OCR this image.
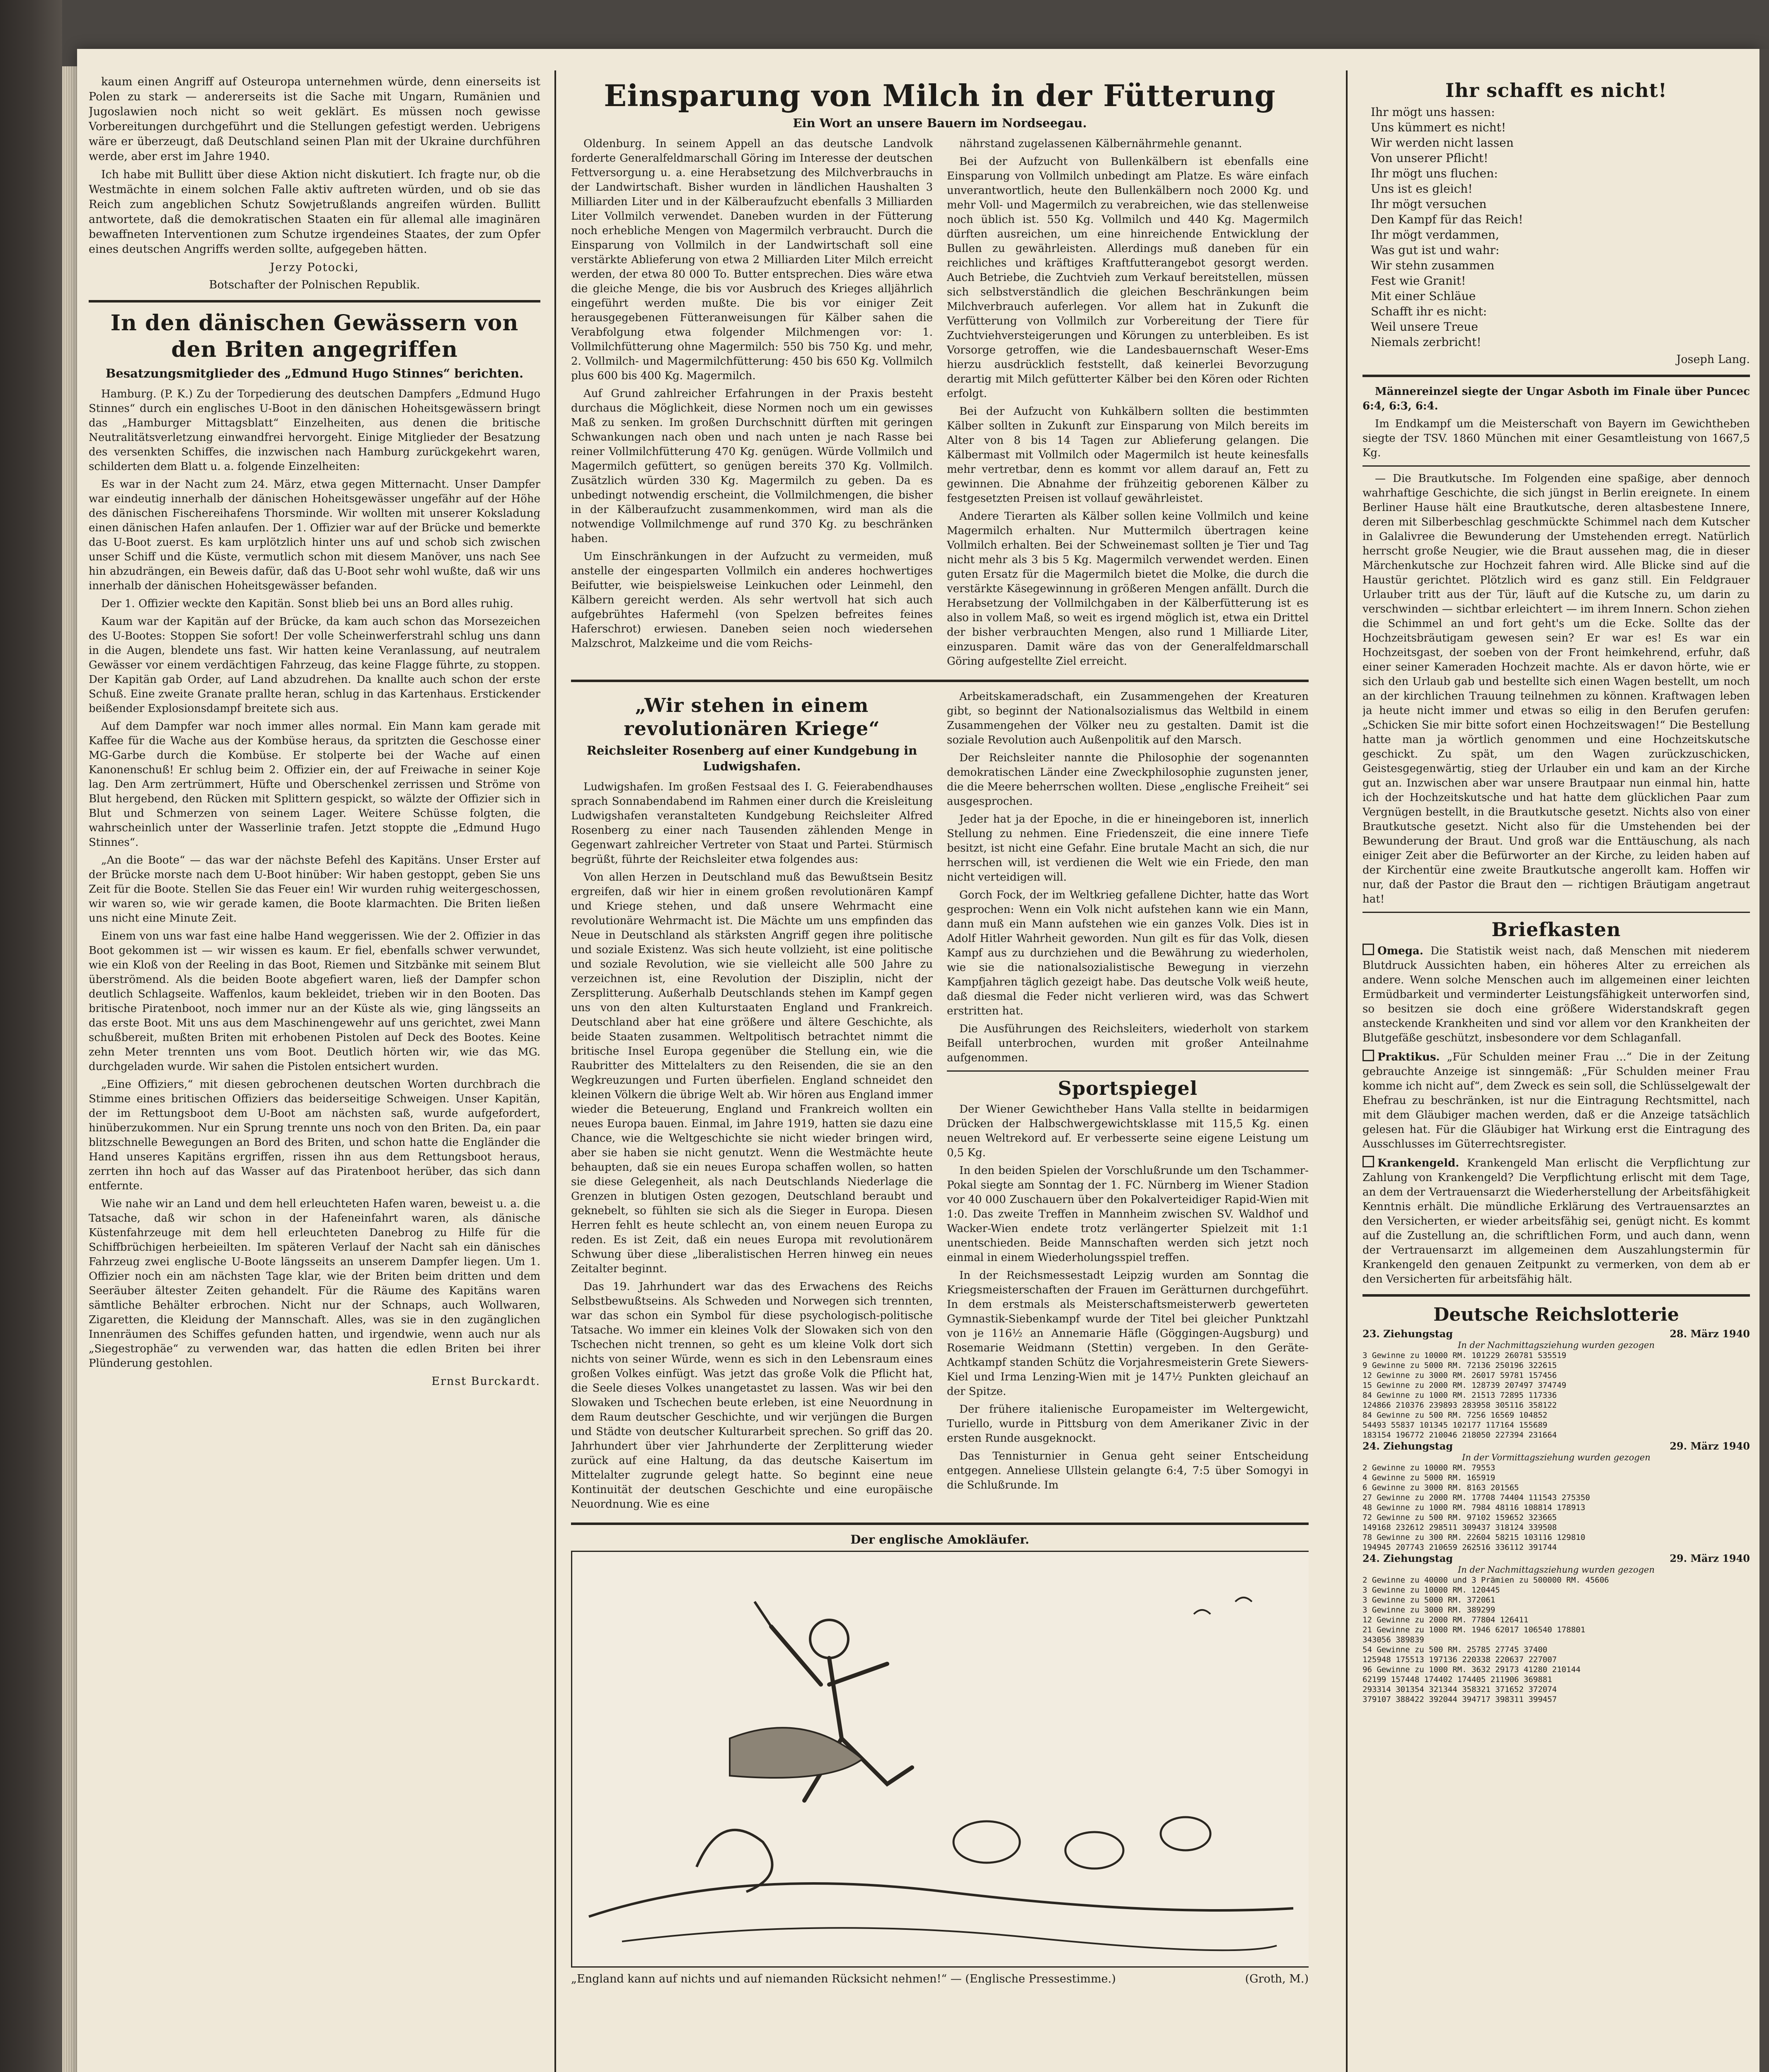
kaum einen Angriff auf Osteuropa unternehmen würde, denn einerseits ist Polen zu stark — andererseits ist die Sache mit Ungarn, Rumänien und Jugoslawien noch nicht so weit geklärt. Es müssen noch gewisse Vorbereitungen durchgeführt und die Stellungen gefestigt werden. Uebrigens wäre er überzeugt, daß Deutschland seinen Plan mit der Ukraine durchführen werde, aber erst im Jahre 1940.

Ich habe mit Bullitt über diese Aktion nicht diskutiert. Ich fragte nur, ob die Westmächte in einem solchen Falle aktiv auftreten würden, und ob sie das Reich zum angeblichen Schutz Sowjetrußlands angreifen würden. Bullitt antwortete, daß die demokratischen Staaten ein für allemal alle imaginären bewaffneten Interventionen zum Schutze irgendeines Staates, der zum Opfer eines deutschen Angriffs werden sollte, aufgegeben hätten.

Jerzy Potocki,
Botschafter der Polnischen Republik.
In den dänischen Gewässern von den Briten angegriffen
Besatzungsmitglieder des „Edmund Hugo Stinnes“ berichten.

Hamburg. (P. K.) Zu der Torpedierung des deutschen Dampfers „Edmund Hugo Stinnes“ durch ein englisches U-Boot in den dänischen Hoheitsgewässern bringt das „Hamburger Mittagsblatt“ Einzelheiten, aus denen die britische Neutralitätsverletzung einwandfrei hervorgeht. Einige Mitglieder der Besatzung des versenkten Schiffes, die inzwischen nach Hamburg zurückgekehrt waren, schilderten dem Blatt u. a. folgende Einzelheiten:

Es war in der Nacht zum 24. März, etwa gegen Mitternacht. Unser Dampfer war eindeutig innerhalb der dänischen Hoheitsgewässer ungefähr auf der Höhe des dänischen Fischereihafens Thorsminde. Wir wollten mit unserer Koksladung einen dänischen Hafen anlaufen. Der 1. Offizier war auf der Brücke und bemerkte das U-Boot zuerst. Es kam urplötzlich hinter uns auf und schob sich zwischen unser Schiff und die Küste, vermutlich schon mit diesem Manöver, uns nach See hin abzudrängen, ein Beweis dafür, daß das U-Boot sehr wohl wußte, daß wir uns innerhalb der dänischen Hoheitsgewässer befanden.

Der 1. Offizier weckte den Kapitän. Sonst blieb bei uns an Bord alles ruhig.

Kaum war der Kapitän auf der Brücke, da kam auch schon das Morsezeichen des U-Bootes: Stoppen Sie sofort! Der volle Scheinwerferstrahl schlug uns dann in die Augen, blendete uns fast. Wir hatten keine Veranlassung, auf neutralem Gewässer vor einem verdächtigen Fahrzeug, das keine Flagge führte, zu stoppen. Der Kapitän gab Order, auf Land abzudrehen. Da knallte auch schon der erste Schuß. Eine zweite Granate prallte heran, schlug in das Kartenhaus. Erstickender beißender Explosionsdampf breitete sich aus.

Auf dem Dampfer war noch immer alles normal. Ein Mann kam gerade mit Kaffee für die Wache aus der Kombüse heraus, da spritzten die Geschosse einer MG-Garbe durch die Kombüse. Er stolperte bei der Wache auf einen Kanonenschuß! Er schlug beim 2. Offizier ein, der auf Freiwache in seiner Koje lag. Den Arm zertrümmert, Hüfte und Oberschenkel zerrissen und Ströme von Blut hergebend, den Rücken mit Splittern gespickt, so wälzte der Offizier sich in Blut und Schmerzen von seinem Lager. Weitere Schüsse folgten, die wahrscheinlich unter der Wasserlinie trafen. Jetzt stoppte die „Edmund Hugo Stinnes“.

„An die Boote“ — das war der nächste Befehl des Kapitäns. Unser Erster auf der Brücke morste nach dem U-Boot hinüber: Wir haben gestoppt, geben Sie uns Zeit für die Boote. Stellen Sie das Feuer ein! Wir wurden ruhig weitergeschossen, wir waren so, wie wir gerade kamen, die Boote klarmachten. Die Briten ließen uns nicht eine Minute Zeit.

Einem von uns war fast eine halbe Hand weggerissen. Wie der 2. Offizier in das Boot gekommen ist — wir wissen es kaum. Er fiel, ebenfalls schwer verwundet, wie ein Kloß von der Reeling in das Boot, Riemen und Sitzbänke mit seinem Blut überströmend. Als die beiden Boote abgefiert waren, ließ der Dampfer schon deutlich Schlagseite. Waffenlos, kaum bekleidet, trieben wir in den Booten. Das britische Piratenboot, noch immer nur an der Küste als wie, ging längsseits an das erste Boot. Mit uns aus dem Maschinengewehr auf uns gerichtet, zwei Mann schußbereit, mußten Briten mit erhobenen Pistolen auf Deck des Bootes. Keine zehn Meter trennten uns vom Boot. Deutlich hörten wir, wie das MG. durchgeladen wurde. Wir sahen die Pistolen entsichert wurden.

„Eine Offiziers,“ mit diesen gebrochenen deutschen Worten durchbrach die Stimme eines britischen Offiziers das beiderseitige Schweigen. Unser Kapitän, der im Rettungsboot dem U-Boot am nächsten saß, wurde aufgefordert, hinüberzukommen. Nur ein Sprung trennte uns noch von den Briten. Da, ein paar blitzschnelle Bewegungen an Bord des Briten, und schon hatte die Engländer die Hand unseres Kapitäns ergriffen, rissen ihn aus dem Rettungsboot heraus, zerrten ihn hoch auf das Wasser auf das Piratenboot herüber, das sich dann entfernte.

Wie nahe wir an Land und dem hell erleuchteten Hafen waren, beweist u. a. die Tatsache, daß wir schon in der Hafeneinfahrt waren, als dänische Küstenfahrzeuge mit dem hell erleuchteten Danebrog zu Hilfe für die Schiffbrüchigen herbeieilten. Im späteren Verlauf der Nacht sah ein dänisches Fahrzeug zwei englische U-Boote längsseits an unserem Dampfer liegen. Um 1. Offizier noch ein am nächsten Tage klar, wie der Briten beim dritten und dem Seeräuber ältester Zeiten gehandelt. Für die Räume des Kapitäns waren sämtliche Behälter erbrochen. Nicht nur der Schnaps, auch Wollwaren, Zigaretten, die Kleidung der Mannschaft. Alles, was sie in den zugänglichen Innenräumen des Schiffes gefunden hatten, und irgendwie, wenn auch nur als „Siegestrophäe“ zu verwenden war, das hatten die edlen Briten bei ihrer Plünderung gestohlen.

Ernst Burckardt.
Einsparung von Milch in der Fütterung
Ein Wort an unsere Bauern im Nordseegau.

Oldenburg. In seinem Appell an das deutsche Landvolk forderte Generalfeldmarschall Göring im Interesse der deutschen Fettversorgung u. a. eine Herabsetzung des Milchverbrauchs in der Landwirtschaft. Bisher wurden in ländlichen Haushalten 3 Milliarden Liter und in der Kälberaufzucht ebenfalls 3 Milliarden Liter Vollmilch verwendet. Daneben wurden in der Fütterung noch erhebliche Mengen von Magermilch verbraucht. Durch die Einsparung von Vollmilch in der Landwirtschaft soll eine verstärkte Ablieferung von etwa 2 Milliarden Liter Milch erreicht werden, der etwa 80 000 To. Butter entsprechen. Dies wäre etwa die gleiche Menge, die bis vor Ausbruch des Krieges alljährlich eingeführt werden mußte. Die bis vor einiger Zeit herausgegebenen Fütteranweisungen für Kälber sahen die Verabfolgung etwa folgender Milchmengen vor: 1. Vollmilchfütterung ohne Magermilch: 550 bis 750 Kg. und mehr, 2. Vollmilch- und Magermilchfütterung: 450 bis 650 Kg. Vollmilch plus 600 bis 400 Kg. Magermilch.

Auf Grund zahlreicher Erfahrungen in der Praxis besteht durchaus die Möglichkeit, diese Normen noch um ein gewisses Maß zu senken. Im großen Durchschnitt dürften mit geringen Schwankungen nach oben und nach unten je nach Rasse bei reiner Vollmilchfütterung 470 Kg. genügen. Würde Vollmilch und Magermilch gefüttert, so genügen bereits 370 Kg. Vollmilch. Zusätzlich würden 330 Kg. Magermilch zu geben. Da es unbedingt notwendig erscheint, die Vollmilchmengen, die bisher in der Kälberaufzucht zusammenkommen, wird man als die notwendige Vollmilchmenge auf rund 370 Kg. zu beschränken haben.

Um Einschränkungen in der Aufzucht zu vermeiden, muß anstelle der eingesparten Vollmilch ein anderes hochwertiges Beifutter, wie beispielsweise Leinkuchen oder Leinmehl, den Kälbern gereicht werden. Als sehr wertvoll hat sich auch aufgebrühtes Hafermehl (von Spelzen befreites feines Haferschrot) erwiesen. Daneben seien noch wiedersehen Malzschrot, Malzkeime und die vom Reichs-

nährstand zugelassenen Kälbernährmehle genannt.

Bei der Aufzucht von Bullenkälbern ist ebenfalls eine Einsparung von Vollmilch unbedingt am Platze. Es wäre einfach unverantwortlich, heute den Bullenkälbern noch 2000 Kg. und mehr Voll- und Magermilch zu verabreichen, wie das stellenweise noch üblich ist. 550 Kg. Vollmilch und 440 Kg. Magermilch dürften ausreichen, um eine hinreichende Entwicklung der Bullen zu gewährleisten. Allerdings muß daneben für ein reichliches und kräftiges Kraftfutterangebot gesorgt werden. Auch Betriebe, die Zuchtvieh zum Verkauf bereitstellen, müssen sich selbstverständlich die gleichen Beschränkungen beim Milchverbrauch auferlegen. Vor allem hat in Zukunft die Verfütterung von Vollmilch zur Vorbereitung der Tiere für Zuchtviehversteigerungen und Körungen zu unterbleiben. Es ist Vorsorge getroffen, wie die Landesbauernschaft Weser-Ems hierzu ausdrücklich feststellt, daß keinerlei Bevorzugung derartig mit Milch gefütterter Kälber bei den Kören oder Richten erfolgt.

Bei der Aufzucht von Kuhkälbern sollten die bestimmten Kälber sollten in Zukunft zur Einsparung von Milch bereits im Alter von 8 bis 14 Tagen zur Ablieferung gelangen. Die Kälbermast mit Vollmilch oder Magermilch ist heute keinesfalls mehr vertretbar, denn es kommt vor allem darauf an, Fett zu gewinnen. Die Abnahme der frühzeitig geborenen Kälber zu festgesetzten Preisen ist vollauf gewährleistet.

Andere Tierarten als Kälber sollen keine Vollmilch und keine Magermilch erhalten. Nur Muttermilch übertragen keine Vollmilch erhalten. Bei der Schweinemast sollten je Tier und Tag nicht mehr als 3 bis 5 Kg. Magermilch verwendet werden. Einen guten Ersatz für die Magermilch bietet die Molke, die durch die verstärkte Käsegewinnung in größeren Mengen anfällt. Durch die Herabsetzung der Vollmilchgaben in der Kälberfütterung ist es also in vollem Maß, so weit es irgend möglich ist, etwa ein Drittel der bisher verbrauchten Mengen, also rund 1 Milliarde Liter, einzusparen. Damit wäre das von der Generalfeldmarschall Göring aufgestellte Ziel erreicht.

„Wir stehen in einem revolutionären Kriege“
Reichsleiter Rosenberg auf einer Kundgebung in Ludwigshafen.

Ludwigshafen. Im großen Festsaal des I. G. Feierabendhauses sprach Sonnabendabend im Rahmen einer durch die Kreisleitung Ludwigshafen veranstalteten Kundgebung Reichsleiter Alfred Rosenberg zu einer nach Tausenden zählenden Menge in Gegenwart zahlreicher Vertreter von Staat und Partei. Stürmisch begrüßt, führte der Reichsleiter etwa folgendes aus:

Von allen Herzen in Deutschland muß das Bewußtsein Besitz ergreifen, daß wir hier in einem großen revolutionären Kampf und Kriege stehen, und daß unsere Wehrmacht eine revolutionäre Wehrmacht ist. Die Mächte um uns empfinden das Neue in Deutschland als stärksten Angriff gegen ihre politische und soziale Existenz. Was sich heute vollzieht, ist eine politische und soziale Revolution, wie sie vielleicht alle 500 Jahre zu verzeichnen ist, eine Revolution der Disziplin, nicht der Zersplitterung. Außerhalb Deutschlands stehen im Kampf gegen uns von den alten Kulturstaaten England und Frankreich. Deutschland aber hat eine größere und ältere Geschichte, als beide Staaten zusammen. Weltpolitisch betrachtet nimmt die britische Insel Europa gegenüber die Stellung ein, wie die Raubritter des Mittelalters zu den Reisenden, die sie an den Wegkreuzungen und Furten überfielen. England schneidet den kleinen Völkern die übrige Welt ab. Wir hören aus England immer wieder die Beteuerung, England und Frankreich wollten ein neues Europa bauen. Einmal, im Jahre 1919, hatten sie dazu eine Chance, wie die Weltgeschichte sie nicht wieder bringen wird, aber sie haben sie nicht genutzt. Wenn die Westmächte heute behaupten, daß sie ein neues Europa schaffen wollen, so hatten sie diese Gelegenheit, als nach Deutschlands Niederlage die Grenzen in blutigen Osten gezogen, Deutschland beraubt und geknebelt, so fühlten sie sich als die Sieger in Europa. Diesen Herren fehlt es heute schlecht an, von einem neuen Europa zu reden. Es ist Zeit, daß ein neues Europa mit revolutionärem Schwung über diese „liberalistischen Herren hinweg ein neues Zeitalter beginnt.

Das 19. Jahrhundert war das des Erwachens des Reichs Selbstbewußtseins. Als Schweden und Norwegen sich trennten, war das schon ein Symbol für diese psychologisch-politische Tatsache. Wo immer ein kleines Volk der Slowaken sich von den Tschechen nicht trennen, so geht es um kleine Volk dort sich nichts von seiner Würde, wenn es sich in den Lebensraum eines großen Volkes einfügt. Was jetzt das große Volk die Pflicht hat, die Seele dieses Volkes unangetastet zu lassen. Was wir bei den Slowaken und Tschechen beute erleben, ist eine Neuordnung in dem Raum deutscher Geschichte, und wir verjüngen die Burgen und Städte von deutscher Kulturarbeit sprechen. So griff das 20. Jahrhundert über vier Jahrhunderte der Zerplitterung wieder zurück auf eine Haltung, da das deutsche Kaisertum im Mittelalter zugrunde gelegt hatte. So beginnt eine neue Kontinuität der deutschen Geschichte und eine europäische Neuordnung. Wie es eine

Arbeitskameradschaft, ein Zusammengehen der Kreaturen gibt, so beginnt der Nationalsozialismus das Weltbild in einem Zusammengehen der Völker neu zu gestalten. Damit ist die soziale Revolution auch Außenpolitik auf den Marsch.

Der Reichsleiter nannte die Philosophie der sogenannten demokratischen Länder eine Zweckphilosophie zugunsten jener, die die Meere beherrschen wollten. Diese „englische Freiheit“ sei ausgesprochen.

Jeder hat ja der Epoche, in die er hineingeboren ist, innerlich Stellung zu nehmen. Eine Friedenszeit, die eine innere Tiefe besitzt, ist nicht eine Gefahr. Eine brutale Macht an sich, die nur herrschen will, ist verdienen die Welt wie ein Friede, den man nicht verteidigen will.

Gorch Fock, der im Weltkrieg gefallene Dichter, hatte das Wort gesprochen: Wenn ein Volk nicht aufstehen kann wie ein Mann, dann muß ein Mann aufstehen wie ein ganzes Volk. Dies ist in Adolf Hitler Wahrheit geworden. Nun gilt es für das Volk, diesen Kampf aus zu durchziehen und die Bewährung zu wiederholen, wie sie die nationalsozialistische Bewegung in vierzehn Kampfjahren täglich gezeigt habe. Das deutsche Volk weiß heute, daß diesmal die Feder nicht verlieren wird, was das Schwert erstritten hat.

Die Ausführungen des Reichsleiters, wiederholt von starkem Beifall unterbrochen, wurden mit großer Anteilnahme aufgenommen.

Sportspiegel

Der Wiener Gewichtheber Hans Valla stellte in beidarmigen Drücken der Halbschwergewichtsklasse mit 115,5 Kg. einen neuen Weltrekord auf. Er verbesserte seine eigene Leistung um 0,5 Kg.

In den beiden Spielen der Vorschlußrunde um den Tschammer-Pokal siegte am Sonntag der 1. FC. Nürnberg im Wiener Stadion vor 40 000 Zuschauern über den Pokalverteidiger Rapid-Wien mit 1:0. Das zweite Treffen in Mannheim zwischen SV. Waldhof und Wacker-Wien endete trotz verlängerter Spielzeit mit 1:1 unentschieden. Beide Mannschaften werden sich jetzt noch einmal in einem Wiederholungsspiel treffen.

In der Reichsmessestadt Leipzig wurden am Sonntag die Kriegsmeisterschaften der Frauen im Gerätturnen durchgeführt. In dem erstmals als Meisterschaftsmeisterwerb gewerteten Gymnastik-Siebenkampf wurde der Titel bei gleicher Punktzahl von je 116½ an Annemarie Häfle (Göggingen-Augsburg) und Rosemarie Weidmann (Stettin) vergeben. In den Geräte-Achtkampf standen Schütz die Vorjahresmeisterin Grete Siewers-Kiel und Irma Lenzing-Wien mit je 147½ Punkten gleichauf an der Spitze.

Der frühere italienische Europameister im Weltergewicht, Turiello, wurde in Pittsburg von dem Amerikaner Zivic in der ersten Runde ausgeknockt.

Das Tennisturnier in Genua geht seiner Entscheidung entgegen. Anneliese Ullstein gelangte 6:4, 7:5 über Somogyi in die Schlußrunde. Im

Der englische Amokläufer.
„England kann auf nichts und auf niemanden Rücksicht nehmen!“ — (Englische Pressestimme.)	(Groth, M.)
Ihr schafft es nicht!
Ihr mögt uns hassen:
Uns kümmert es nicht!
Wir werden nicht lassen
Von unserer Pflicht!
Ihr mögt uns fluchen:
Uns ist es gleich!
Ihr mögt versuchen
Den Kampf für das Reich!
Ihr mögt verdammen,
Was gut ist und wahr:
Wir stehn zusammen
Fest wie Granit!
Mit einer Schläue
Schafft ihr es nicht:
Weil unsere Treue
Niemals zerbricht!
Joseph Lang.

Männereinzel siegte der Ungar Asboth im Finale über Puncec 6:4, 6:3, 6:4.

Im Endkampf um die Meisterschaft von Bayern im Gewichtheben siegte der TSV. 1860 München mit einer Gesamtleistung von 1667,5 Kg.

— Die Brautkutsche. Im Folgenden eine spaßige, aber dennoch wahrhaftige Geschichte, die sich jüngst in Berlin ereignete. In einem Berliner Hause hält eine Brautkutsche, deren altasbestene Innere, deren mit Silberbeschlag geschmückte Schimmel nach dem Kutscher in Galalivree die Bewunderung der Umstehenden erregt. Natürlich herrscht große Neugier, wie die Braut aussehen mag, die in dieser Märchenkutsche zur Hochzeit fahren wird. Alle Blicke sind auf die Haustür gerichtet. Plötzlich wird es ganz still. Ein Feldgrauer Urlauber tritt aus der Tür, läuft auf die Kutsche zu, um darin zu verschwinden — sichtbar erleichtert — im ihrem Innern. Schon ziehen die Schimmel an und fort geht's um die Ecke. Sollte das der Hochzeitsbräutigam gewesen sein? Er war es! Es war ein Hochzeitsgast, der soeben von der Front heimkehrend, erfuhr, daß einer seiner Kameraden Hochzeit machte. Als er davon hörte, wie er sich den Urlaub gab und bestellte sich einen Wagen bestellt, um noch an der kirchlichen Trauung teilnehmen zu können. Kraftwagen leben ja heute nicht immer und etwas so eilig in den Berufen gerufen: „Schicken Sie mir bitte sofort einen Hochzeitswagen!“ Die Bestellung hatte man ja wörtlich genommen und eine Hochzeitskutsche geschickt. Zu spät, um den Wagen zurückzuschicken, Geistesgegenwärtig, stieg der Urlauber ein und kam an der Kirche gut an. Inzwischen aber war unsere Brautpaar nun einmal hin, hatte ich der Hochzeitskutsche und hat hatte dem glücklichen Paar zum Vergnügen bestellt, in die Brautkutsche gesetzt. Nichts also von einer Brautkutsche gesetzt. Nicht also für die Umstehenden bei der Bewunderung der Braut. Und groß war die Enttäuschung, als nach einiger Zeit aber die Befürworter an der Kirche, zu leiden haben auf der Kirchentür eine zweite Brautkutsche angerollt kam. Hoffen wir nur, daß der Pastor die Braut den — richtigen Bräutigam angetraut hat!

Briefkasten
Omega. Die Statistik weist nach, daß Menschen mit niederem Blutdruck Aussichten haben, ein höheres Alter zu erreichen als andere. Wenn solche Menschen auch im allgemeinen einer leichten Ermüdbarkeit und verminderter Leistungsfähigkeit unterworfen sind, so besitzen sie doch eine größere Widerstandskraft gegen ansteckende Krankheiten und sind vor allem vor den Krankheiten der Blutgefäße geschützt, insbesondere vor dem Schlaganfall.
Praktikus. „Für Schulden meiner Frau ...“ Die in der Zeitung gebrauchte Anzeige ist sinngemäß: „Für Schulden meiner Frau komme ich nicht auf“, dem Zweck es sein soll, die Schlüsselgewalt der Ehefrau zu beschränken, ist nur die Eintragung Rechtsmittel, nach mit dem Gläubiger machen werden, daß er die Anzeige tatsächlich gelesen hat. Für die Gläubiger hat Wirkung erst die Eintragung des Ausschlusses im Güterrechtsregister.
Krankengeld. Krankengeld Man erlischt die Verpflichtung zur Zahlung von Krankengeld? Die Verpflichtung erlischt mit dem Tage, an dem der Vertrauensarzt die Wiederherstellung der Arbeitsfähigkeit Kenntnis erhält. Die mündliche Erklärung des Vertrauensarztes an den Versicherten, er wieder arbeitsfähig sei, genügt nicht. Es kommt auf die Zustellung an, die schriftlichen Form, und auch dann, wenn der Vertrauensarzt im allgemeinen dem Auszahlungstermin für Krankengeld den genauen Zeitpunkt zu vermerken, von dem ab er den Versicherten für arbeitsfähig hält.
Deutsche Reichslotterie
23. Ziehungstag	28. März 1940
In der Nachmittagsziehung wurden gezogen
3 Gewinne zu 10000 RM. 101229 260781 535519
9 Gewinne zu 5000 RM. 72136 250196 322615
12 Gewinne zu 3000 RM. 26017 59781 157456
15 Gewinne zu 2000 RM. 128739 207497 374749
84 Gewinne zu 1000 RM. 21513 72895 117336
124866 210376 239893 283958 305116 358122
84 Gewinne zu 500 RM. 7256 16569 104852
54493 55837 101345 102177 117164 155689
183154 196772 210046 218050 227394 231664
24. Ziehungstag	29. März 1940
In der Vormittagsziehung wurden gezogen
2 Gewinne zu 10000 RM. 79553
4 Gewinne zu 5000 RM. 165919
6 Gewinne zu 3000 RM. 8163 201565
27 Gewinne zu 2000 RM. 17708 74404 111543 275350
48 Gewinne zu 1000 RM. 7984 48116 108814 178913
72 Gewinne zu 500 RM. 97102 159652 323665
149168 232612 298511 309437 318124 339508
78 Gewinne zu 300 RM. 22604 58215 103116 129810
194945 207743 210659 262516 336112 391744
24. Ziehungstag	29. März 1940
In der Nachmittagsziehung wurden gezogen
2 Gewinne zu 40000 und 3 Prämien zu 500000 RM. 45606
3 Gewinne zu 10000 RM. 120445
3 Gewinne zu 5000 RM. 372061
3 Gewinne zu 3000 RM. 389299
12 Gewinne zu 2000 RM. 77804 126411
21 Gewinne zu 1000 RM. 1946 62017 106540 178801
343056 389839
54 Gewinne zu 500 RM. 25785 27745 37400
125948 175513 197136 220338 220637 227007
96 Gewinne zu 1000 RM. 3632 29173 41280 210144
62199 157448 174402 174405 211906 369881
293314 301354 321344 358321 371652 372074
379107 388422 392044 394717 398311 399457
